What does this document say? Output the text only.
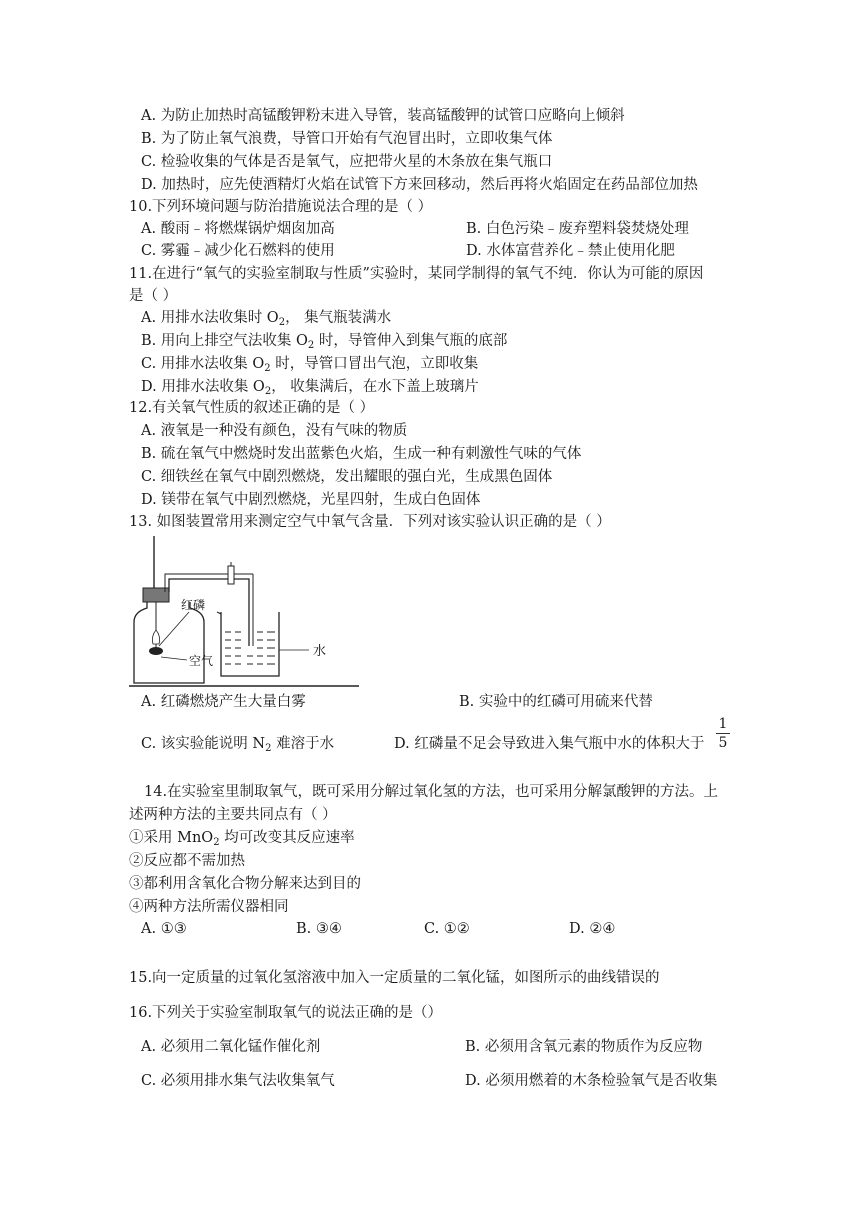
A. 为防止加热时高锰酸钾粉末进入导管，装高锰酸钾的试管口应略向上倾斜
B. 为了防止氧气浪费，导管口开始有气泡冒出时，立即收集气体
C. 检验收集的气体是否是氧气，应把带火星的木条放在集气瓶口
D. 加热时，应先使酒精灯火焰在试管下方来回移动，然后再将火焰固定在药品部位加热
10.下列环境问题与防治措施说法合理的是（ ）
A. 酸雨﹣将燃煤锅炉烟囱加高	B. 白色污染﹣废弃塑料袋焚烧处理
C. 雾霾﹣减少化石燃料的使用	D. 水体富营养化﹣禁止使用化肥
11.在进行“氧气的实验室制取与性质”实验时，某同学制得的氧气不纯．你认为可能的原因
是（ ）
A. 用排水法收集时 $O_2$， 集气瓶装满水
B. 用向上排空气法收集 $O_2$ 时，导管伸入到集气瓶的底部
C. 用排水法收集 $O_2$ 时，导管口冒出气泡，立即收集
D. 用排水法收集 $O_2$， 收集满后，在水下盖上玻璃片
12.有关氧气性质的叙述正确的是（ ）
A. 液氧是一种没有颜色，没有气味的物质
B. 硫在氧气中燃烧时发出蓝紫色火焰，生成一种有刺激性气味的气体
C. 细铁丝在氧气中剧烈燃烧，发出耀眼的强白光，生成黑色固体
D. 镁带在氧气中剧烈燃烧，光星四射，生成白色固体
13. 如图装置常用来测定空气中氧气含量．下列对该实验认识正确的是（ ）
红磷
空气
水
A. 红磷燃烧产生大量白雾	B. 实验中的红磷可用硫来代替
C. 该实验能说明 $N_2$ 难溶于水	D. 红磷量不足会导致进入集气瓶中水的体积大于
1
5
14.在实验室里制取氧气，既可采用分解过氧化氢的方法，也可采用分解氯酸钾的方法。上
述两种方法的主要共同点有（ ）
①采用 MnO$_2$ 均可改变其反应速率
②反应都不需加热
③都利用含氧化合物分解来达到目的
④两种方法所需仪器相同
A. ①③	B. ③④	C. ①②	D. ②④
15.向一定质量的过氧化氢溶液中加入一定质量的二氧化锰，如图所示的曲线错误的
16.下列关于实验室制取氧气的说法正确的是（）
A. 必须用二氧化锰作催化剂	B. 必须用含氧元素的物质作为反应物
C. 必须用排水集气法收集氧气	D. 必须用燃着的木条检验氧气是否收集
